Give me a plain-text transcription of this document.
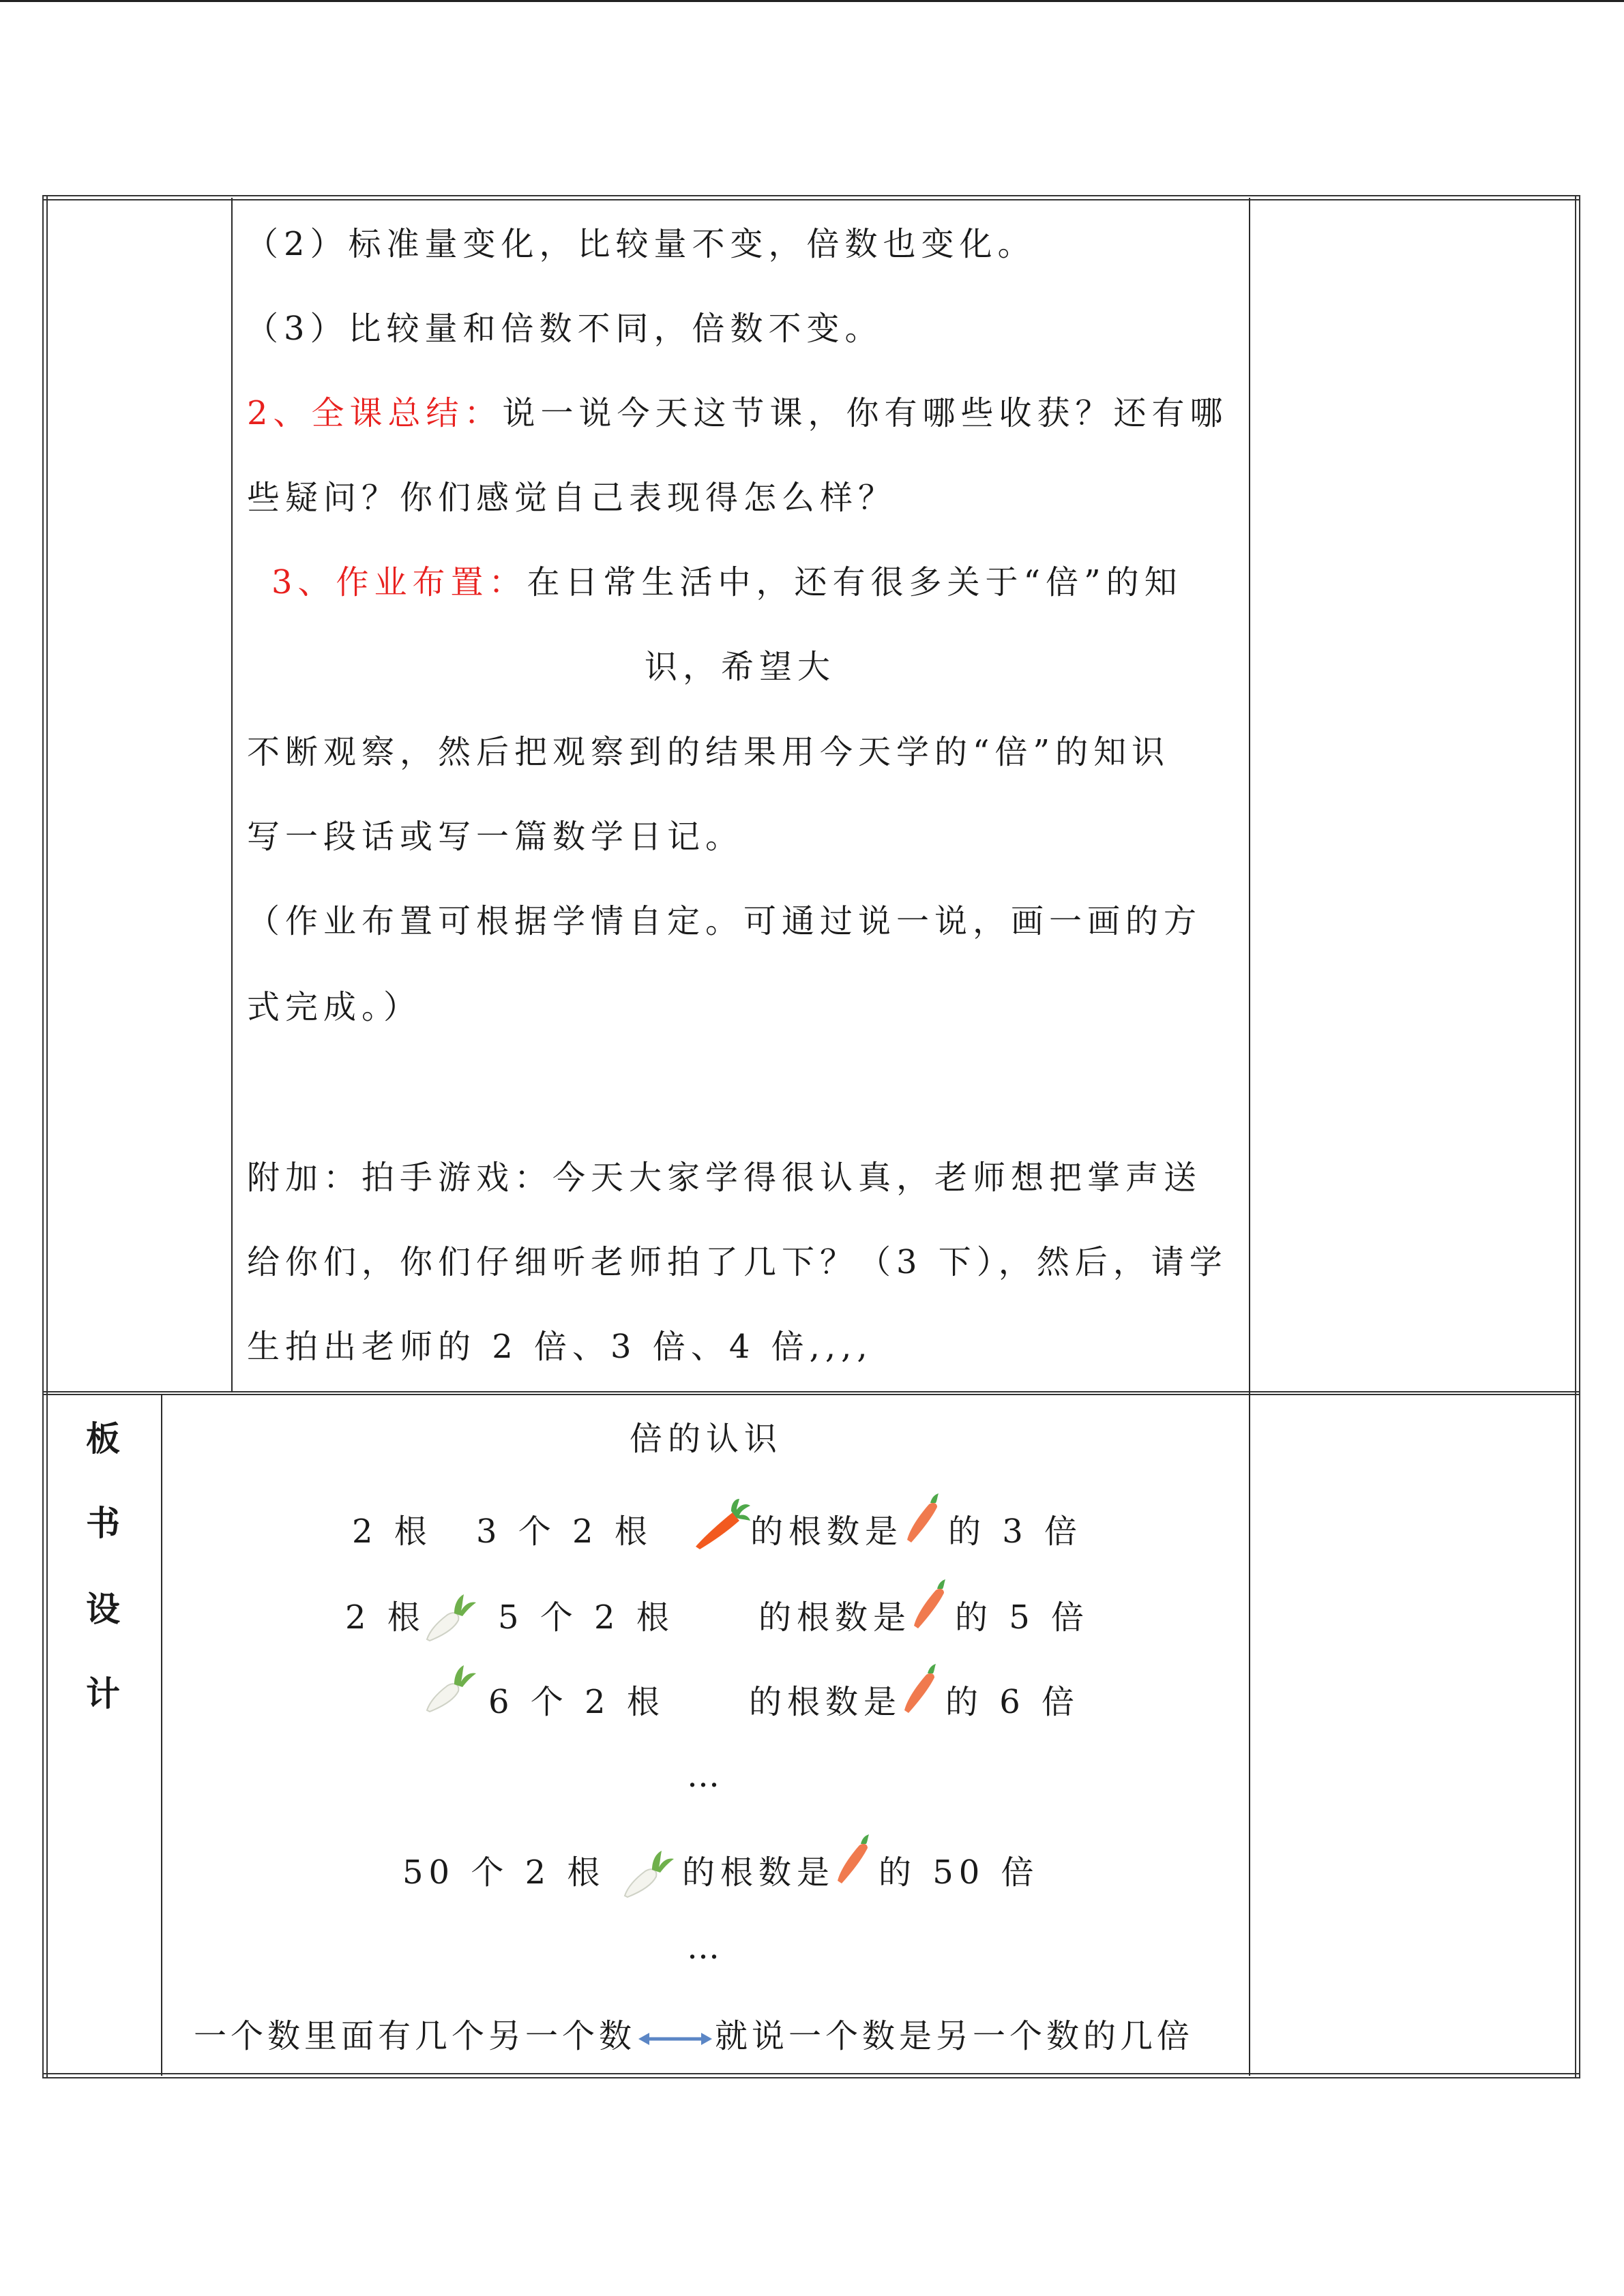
（2）标准量变化，比较量不变，倍数也变化。
（3）比较量和倍数不同，倍数不变。
2、全课总结：说一说今天这节课，你有哪些收获？还有哪
些疑问？你们感觉自己表现得怎么样？
3、作业布置：在日常生活中，还有很多关于“倍”的知
识，希望大
不断观察，然后把观察到的结果用今天学的“倍”的知识
写一段话或写一篇数学日记。
（作业布置可根据学情自定。可通过说一说，画一画的方
式完成。）
附加：拍手游戏：今天大家学得很认真，老师想把掌声送
给你们，你们仔细听老师拍了几下？（3 下），然后，请学
生拍出老师的 2 倍、3 倍、4 倍,,,,
板
书
设
计
倍的认识
2 根 3 个 2 根	的根数是 的 3 倍
2 根 5 个 2 根	的根数是 的 5 倍
6 个 2 根	的根数是 的 6 倍
…
50 个 2 根 的根数是 的 50 倍
…
一个数里面有几个另一个数 就说一个数是另一个数的几倍
